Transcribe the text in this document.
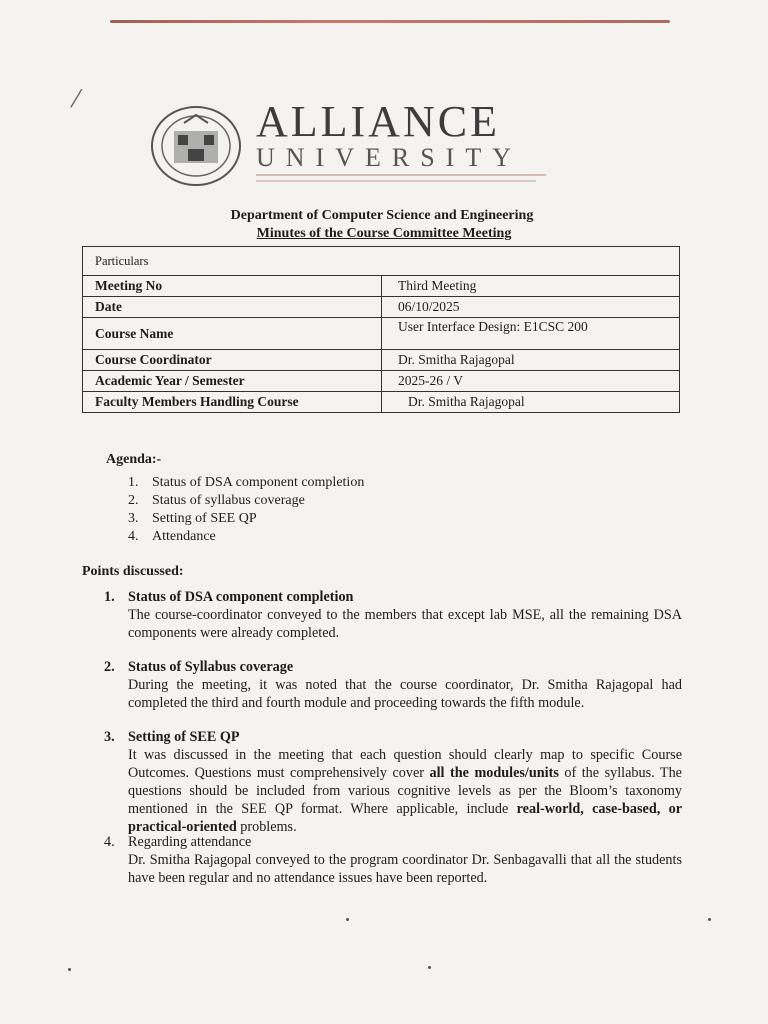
/	ALLIANCE
UNIVERSITY
Department of Computer Science and Engineering
Minutes of the Course Committee Meeting
Particulars	
Meeting No	Third Meeting
Date	06/10/2025
Course Name	User Interface Design: E1CSC 200
Course Coordinator	Dr. Smitha Rajagopal
Academic Year / Semester	2025-26 / V
Faculty Members Handling Course	Dr. Smitha Rajagopal
Agenda:-
1. Status of DSA component completion
2. Status of syllabus coverage
3. Setting of SEE QP
4. Attendance
Points discussed:
1. Status of DSA component completion
The course-coordinator conveyed to the members that except lab MSE, all the remaining DSA components were already completed.
2. Status of Syllabus coverage
During the meeting, it was noted that the course coordinator, Dr. Smitha Rajagopal had completed the third and fourth module and proceeding towards the fifth module.
3. Setting of SEE QP
It was discussed in the meeting that each question should clearly map to specific Course Outcomes. Questions must comprehensively cover all the modules/units of the syllabus. The questions should be included from various cognitive levels as per the Bloom’s taxonomy mentioned in the SEE QP format. Where applicable, include real-world, case-based, or practical-oriented problems.
4. Regarding attendance
Dr. Smitha Rajagopal conveyed to the program coordinator Dr. Senbagavalli that all the students have been regular and no attendance issues have been reported.
